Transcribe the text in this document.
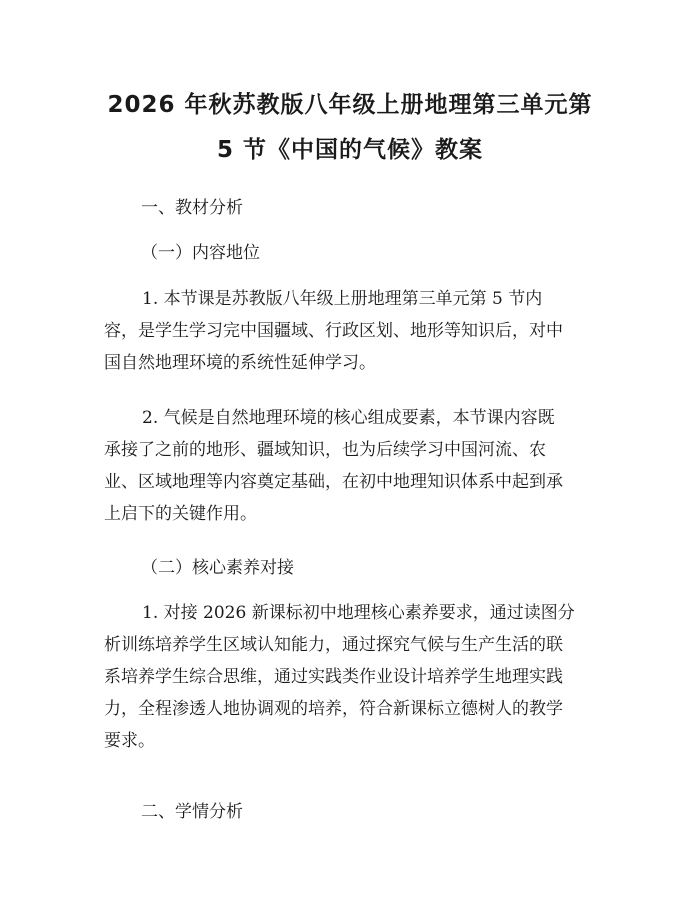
2026 年秋苏教版八年级上册地理第三单元第
5 节《中国的气候》教案
一、教材分析
（一）内容地位
1. 本节课是苏教版八年级上册地理第三单元第 5 节内
容，是学生学习完中国疆域、行政区划、地形等知识后，对中
国自然地理环境的系统性延伸学习。
2. 气候是自然地理环境的核心组成要素，本节课内容既
承接了之前的地形、疆域知识，也为后续学习中国河流、农
业、区域地理等内容奠定基础，在初中地理知识体系中起到承
上启下的关键作用。
（二）核心素养对接
1. 对接 2026 新课标初中地理核心素养要求，通过读图分
析训练培养学生区域认知能力，通过探究气候与生产生活的联
系培养学生综合思维，通过实践类作业设计培养学生地理实践
力，全程渗透人地协调观的培养，符合新课标立德树人的教学
要求。
二、学情分析
